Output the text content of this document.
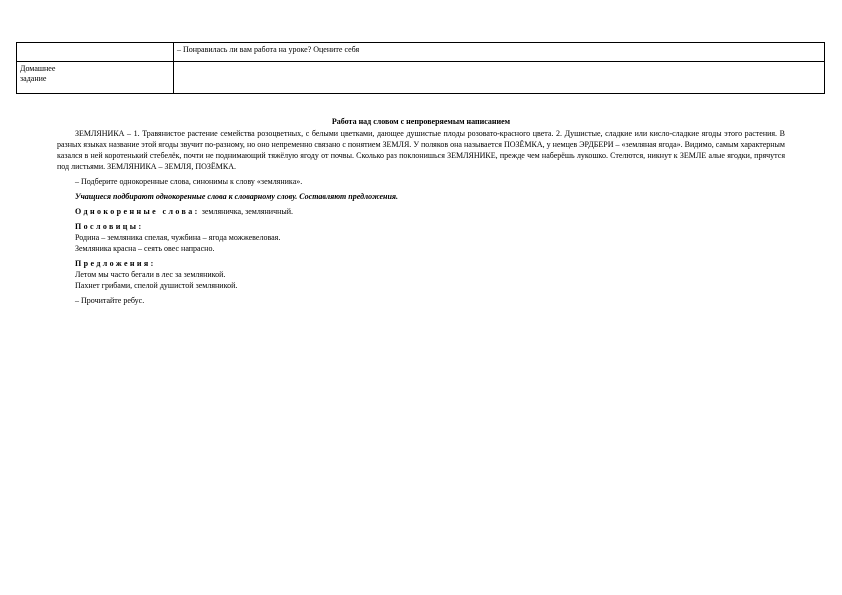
	– Понравилась ли вам работа на уроке? Оцените себя

Домашнее
задание	

Работа над словом с непроверяемым написанием

ЗЕМЛЯНИКА – 1. Травянистое растение семейства розоцветных, с белыми цветками, дающее душистые плоды розовато-красного цвета. 2. Душистые, сладкие или кисло-сладкие ягоды этого растения. В разных языках название этой ягоды звучит по-разному, но оно непременно связано с понятием ЗЕМЛЯ. У поляков она называется ПОЗЁМКА, у немцев ЭРДБЕРИ – «земляная ягода». Видимо, самым характерным казался в ней коротенький стебелёк, почти не поднимающий тяжёлую ягоду от почвы. Сколько раз поклонишься ЗЕМЛЯНИКЕ, прежде чем наберёшь лукошко. Стелются, никнут к ЗЕМЛЕ алые ягодки, прячутся под листьями. ЗЕМЛЯНИКА – ЗЕМЛЯ, ПОЗЁМКА.

– Подберите однокоренные слова, синонимы к слову «земляника».
Учащиеся подбирают однокоренные слова к словарному слову. Составляют предложения.
Однокоренные слова: земляничка, земляничный.
Пословицы:
Родина – земляника спелая, чужбина – ягода можжевеловая.
Земляника красна – сеять овес напрасно.
Предложения:
Летом мы часто бегали в лес за земляникой.
Пахнет грибами, спелой душистой земляникой.
– Прочитайте ребус.
